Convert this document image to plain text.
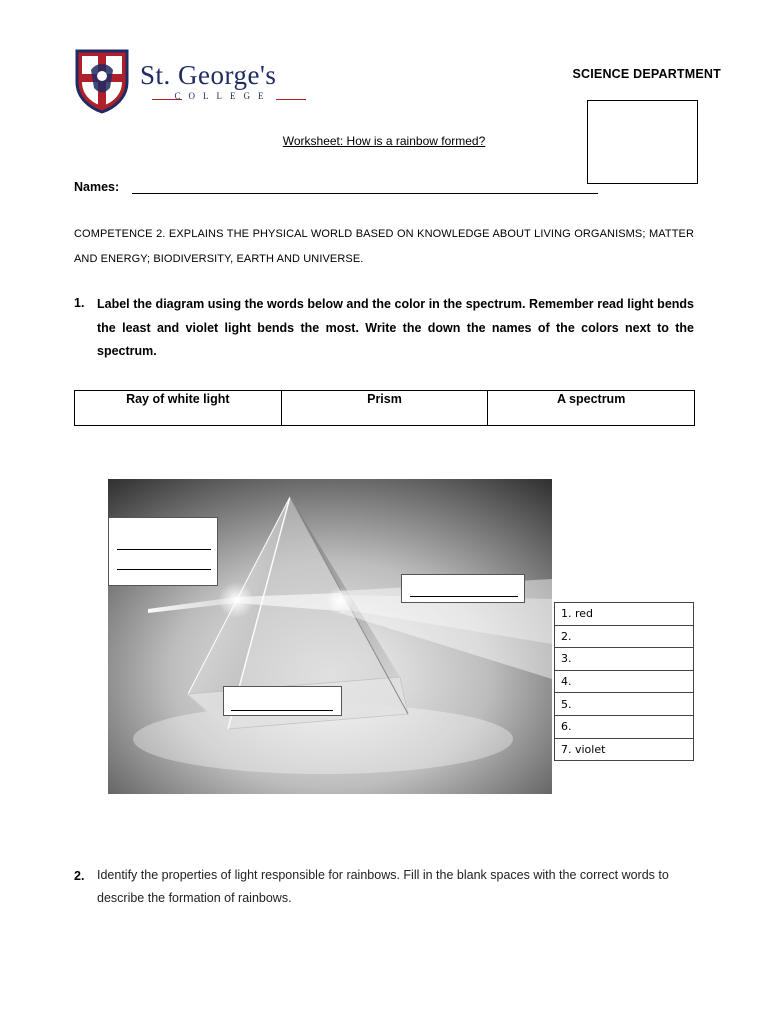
St. George's
COLLEGE
SCIENCE DEPARTMENT
Worksheet: How is a rainbow formed?
Names:
COMPETENCE 2. EXPLAINS THE PHYSICAL WORLD BASED ON KNOWLEDGE ABOUT LIVING ORGANISMS; MATTER AND ENERGY; BIODIVERSITY, EARTH AND UNIVERSE.
1. Label the diagram using the words below and the color in the spectrum. Remember read light bends the least and violet light bends the most. Write the down the names of the colors next to the spectrum.
Ray of white light	Prism	A spectrum
1. red
2.
3.
4.
5.
6.
7. violet
2. Identify the properties of light responsible for rainbows. Fill in the blank spaces with the correct words to describe the formation of rainbows.
